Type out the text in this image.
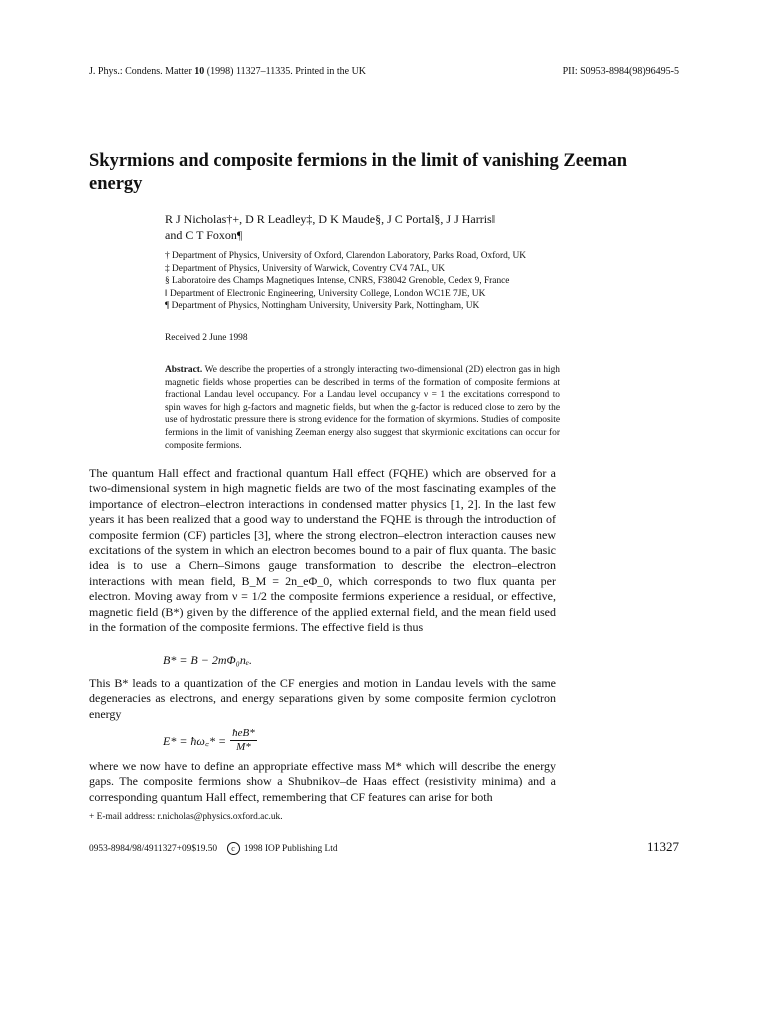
J. Phys.: Condens. Matter 10 (1998) 11327–11335. Printed in the UK	PII: S0953-8984(98)96495-5
Skyrmions and composite fermions in the limit of vanishing Zeeman energy
R J Nicholas†+, D R Leadley‡, D K Maude§, J C Portal§, J J Harris‖
and C T Foxon¶
† Department of Physics, University of Oxford, Clarendon Laboratory, Parks Road, Oxford, UK
‡ Department of Physics, University of Warwick, Coventry CV4 7AL, UK
§ Laboratoire des Champs Magnetiques Intense, CNRS, F38042 Grenoble, Cedex 9, France
‖ Department of Electronic Engineering, University College, London WC1E 7JE, UK
¶ Department of Physics, Nottingham University, University Park, Nottingham, UK
Received 2 June 1998
Abstract. We describe the properties of a strongly interacting two-dimensional (2D) electron gas in high magnetic fields whose properties can be described in terms of the formation of composite fermions at fractional Landau level occupancy. For a Landau level occupancy ν = 1 the excitations correspond to spin waves for high g-factors and magnetic fields, but when the g-factor is reduced close to zero by the use of hydrostatic pressure there is strong evidence for the formation of skyrmions. Studies of composite fermions in the limit of vanishing Zeeman energy also suggest that skyrmionic excitations can occur for composite fermions.
The quantum Hall effect and fractional quantum Hall effect (FQHE) which are observed for a two-dimensional system in high magnetic fields are two of the most fascinating examples of the importance of electron–electron interactions in condensed matter physics [1, 2]. In the last few years it has been realized that a good way to understand the FQHE is through the introduction of composite fermion (CF) particles [3], where the strong electron–electron interaction causes new excitations of the system in which an electron becomes bound to a pair of flux quanta. The basic idea is to use a Chern–Simons gauge transformation to describe the electron–electron interactions with mean field, B_M = 2n_eΦ_0, which corresponds to two flux quanta per electron. Moving away from ν = 1/2 the composite fermions experience a residual, or effective, magnetic field (B*) given by the difference of the applied external field, and the mean field used in the formation of the composite fermions. The effective field is thus
B* = B − 2mΦ₀nₑ.
This B* leads to a quantization of the CF energies and motion in Landau levels with the same degeneracies as electrons, and energy separations given by some composite fermion cyclotron energy
E* = ħω꜀* = $\frac{\text{ħeB*}}{M*}$
where we now have to define an appropriate effective mass M* which will describe the energy gaps. The composite fermions show a Shubnikov–de Haas effect (resistivity minima) and a corresponding quantum Hall effect, remembering that CF features can arise for both
+ E-mail address: r.nicholas@physics.oxford.ac.uk.
0953-8984/98/4911327+09$19.50 c 1998 IOP Publishing Ltd	11327
